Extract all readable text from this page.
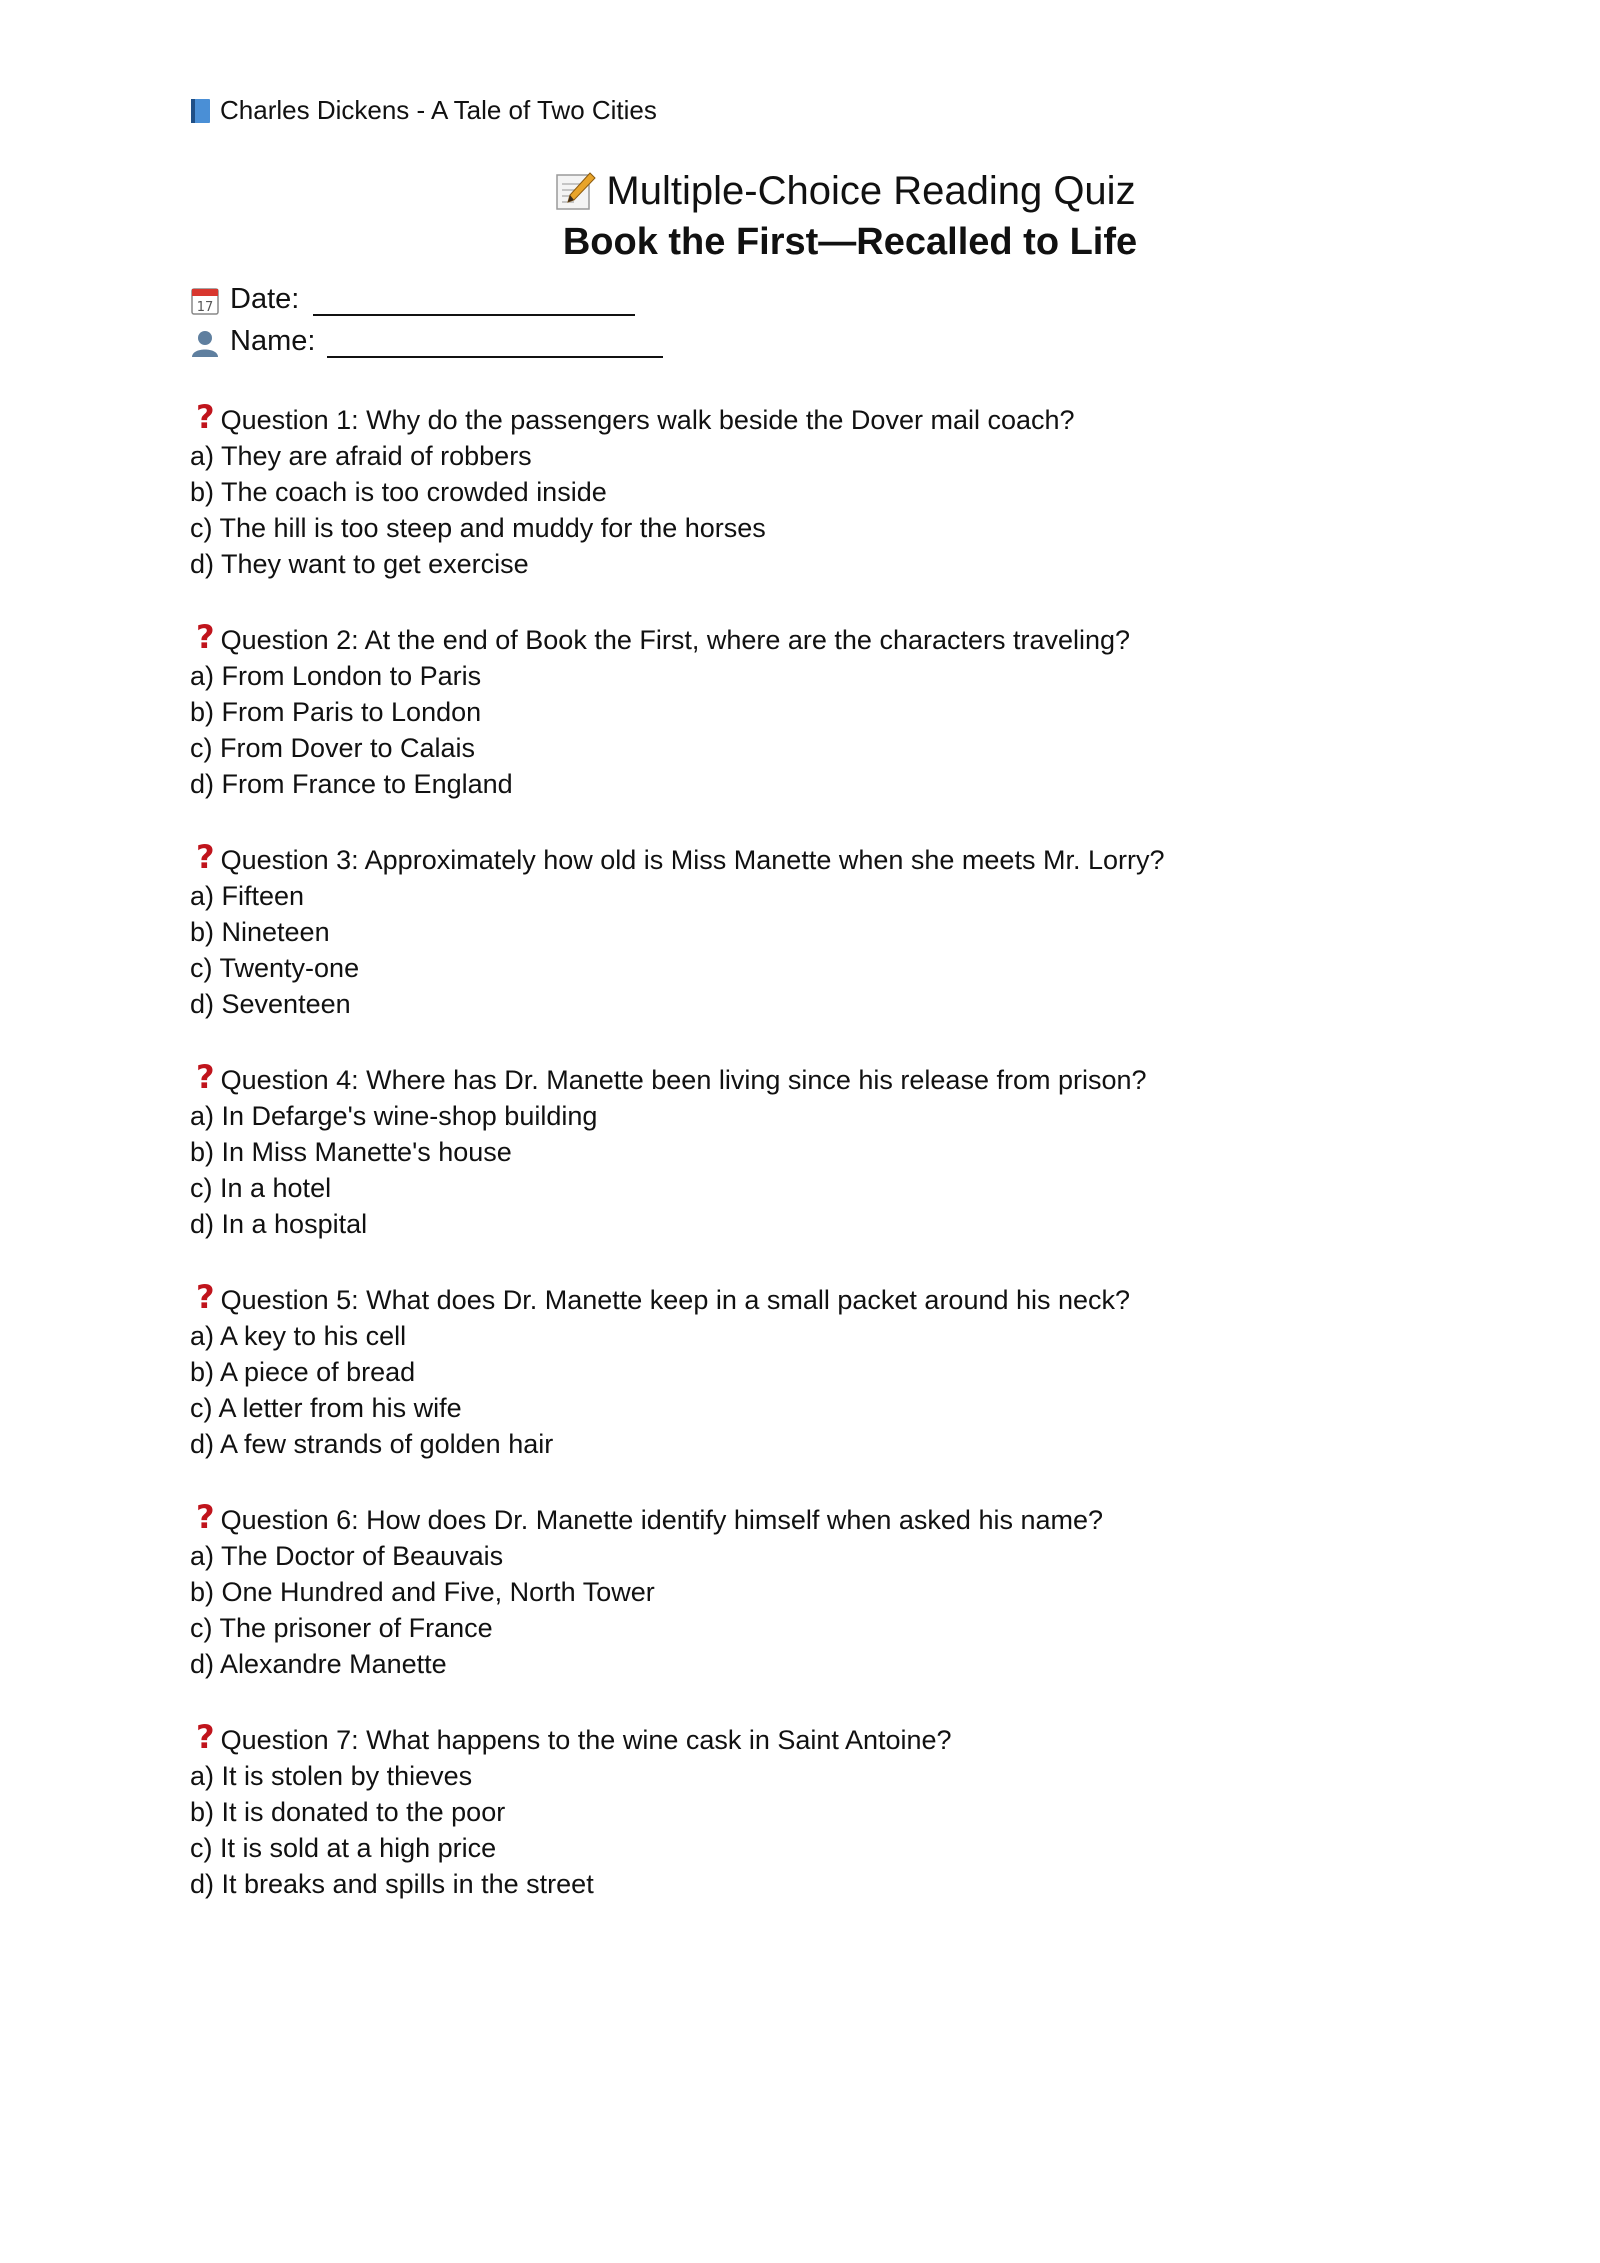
Charles Dickens - A Tale of Two Cities
Multiple-Choice Reading Quiz
Book the First—Recalled to Life
17 Date:
Name:
? Question 1: Why do the passengers walk beside the Dover mail coach?
a) They are afraid of robbers
b) The coach is too crowded inside
c) The hill is too steep and muddy for the horses
d) They want to get exercise
? Question 2: At the end of Book the First, where are the characters traveling?
a) From London to Paris
b) From Paris to London
c) From Dover to Calais
d) From France to England
? Question 3: Approximately how old is Miss Manette when she meets Mr. Lorry?
a) Fifteen
b) Nineteen
c) Twenty-one
d) Seventeen
? Question 4: Where has Dr. Manette been living since his release from prison?
a) In Defarge's wine-shop building
b) In Miss Manette's house
c) In a hotel
d) In a hospital
? Question 5: What does Dr. Manette keep in a small packet around his neck?
a) A key to his cell
b) A piece of bread
c) A letter from his wife
d) A few strands of golden hair
? Question 6: How does Dr. Manette identify himself when asked his name?
a) The Doctor of Beauvais
b) One Hundred and Five, North Tower
c) The prisoner of France
d) Alexandre Manette
? Question 7: What happens to the wine cask in Saint Antoine?
a) It is stolen by thieves
b) It is donated to the poor
c) It is sold at a high price
d) It breaks and spills in the street
